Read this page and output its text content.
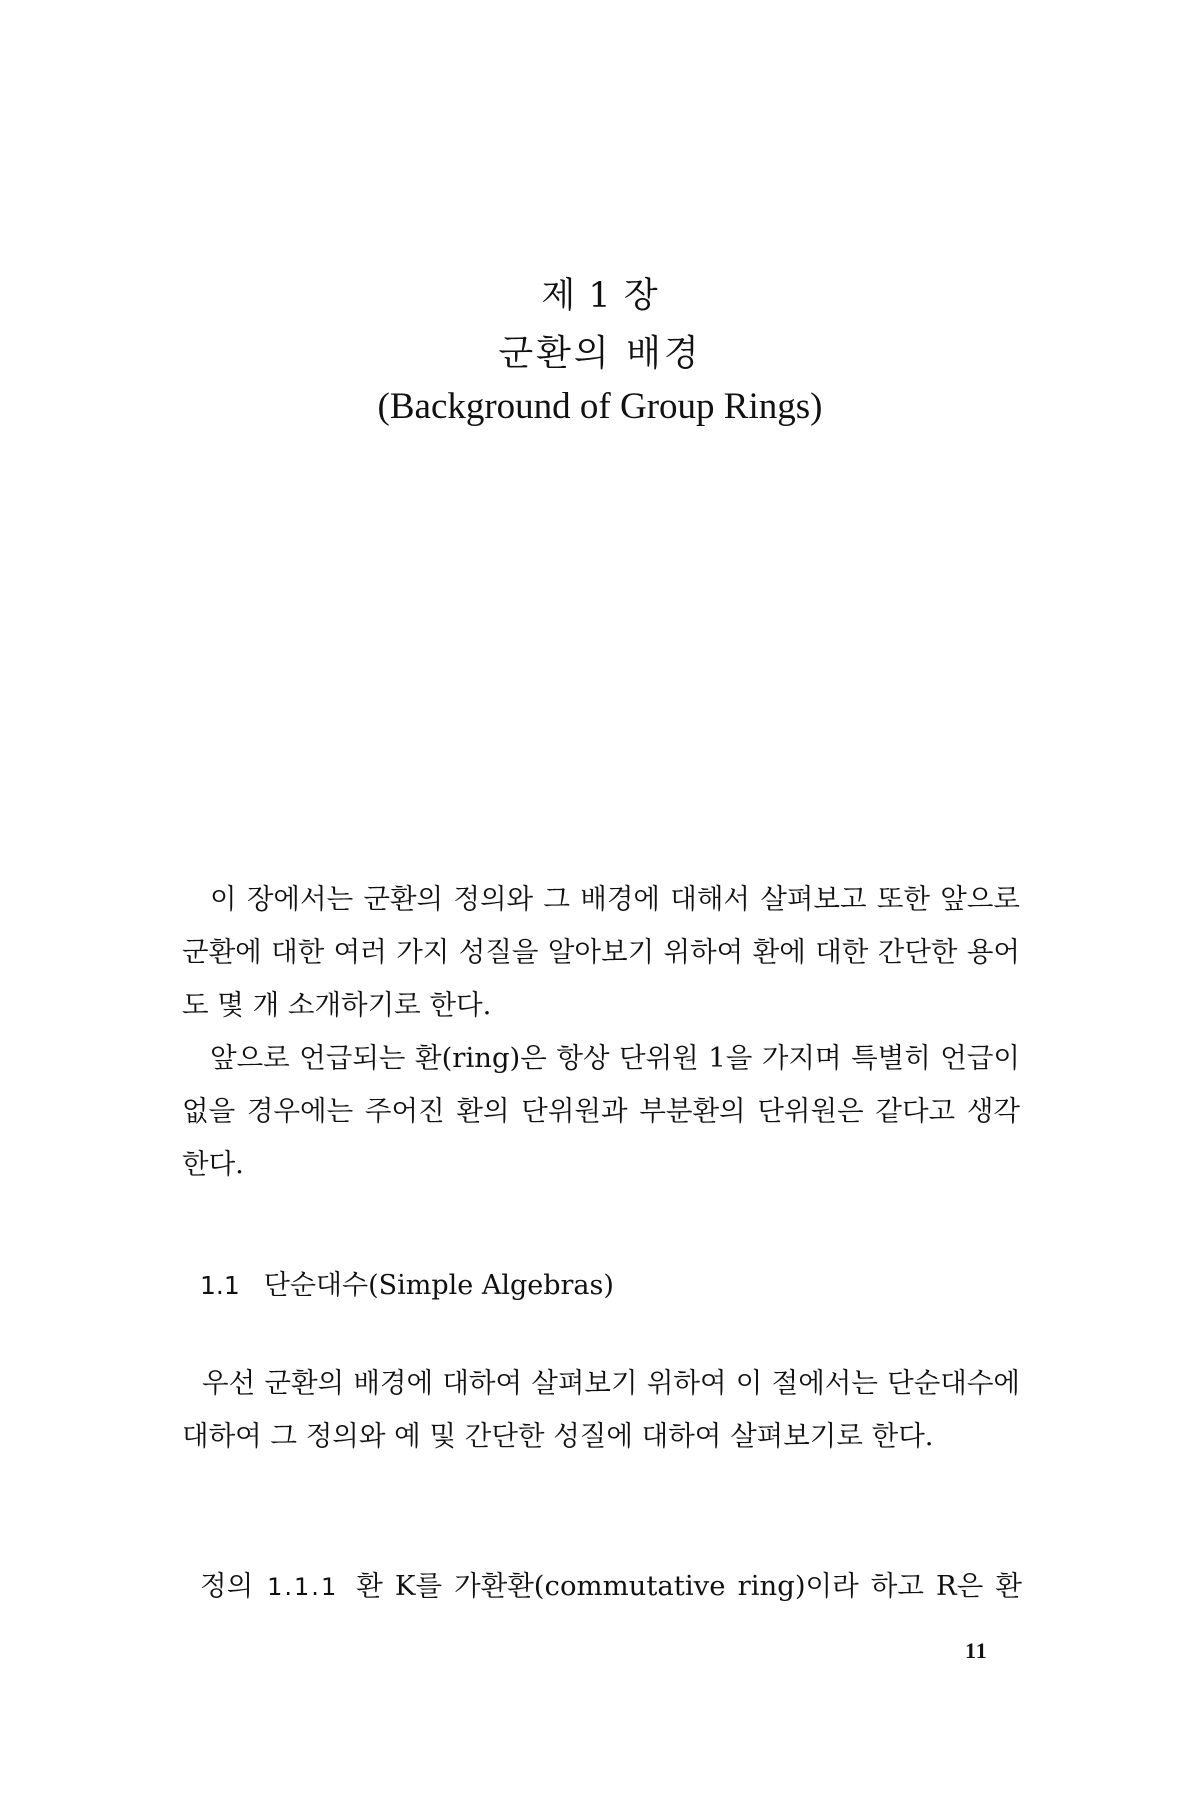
제 1 장
군환의 배경
(Background of Group Rings)

이 장에서는 군환의 정의와 그 배경에 대해서 살펴보고 또한 앞으로 군환에 대한 여러 가지 성질을 알아보기 위하여 환에 대한 간단한 용어도 몇 개 소개하기로 한다.

앞으로 언급되는 환(ring)은 항상 단위원 1을 가지며 특별히 언급이 없을 경우에는 주어진 환의 단위원과 부분환의 단위원은 같다고 생각한다.

1.1 단순대수(Simple Algebras)

우선 군환의 배경에 대하여 살펴보기 위하여 이 절에서는 단순대수에 대하여 그 정의와 예 및 간단한 성질에 대하여 살펴보기로 한다.

정의 1.1.1 환 K를 가환환(commutative ring)이라 하고 R은 환
11
